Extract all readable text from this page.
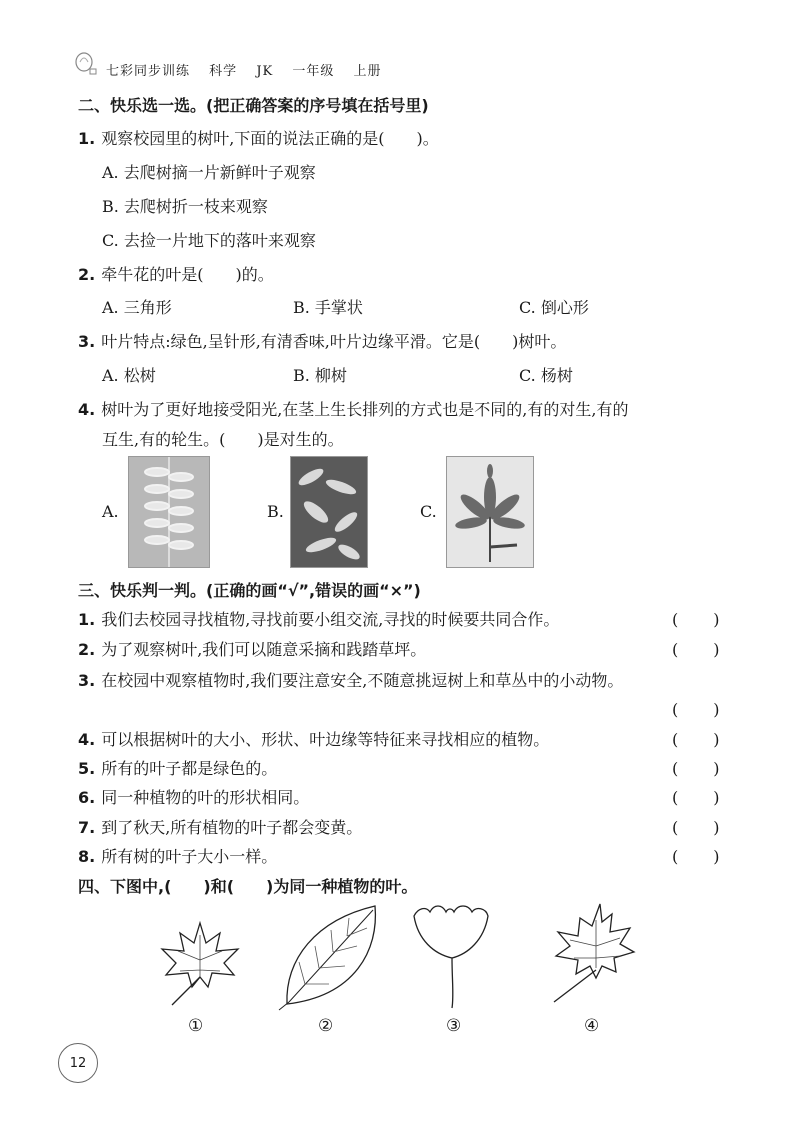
七彩同步训练 科学 JK 一年级 上册
二、快乐选一选。(把正确答案的序号填在括号里)
1. 观察校园里的树叶,下面的说法正确的是(　　)。
A. 去爬树摘一片新鲜叶子观察
B. 去爬树折一枝来观察
C. 去捡一片地下的落叶来观察
2. 牵牛花的叶是(　　)的。
A. 三角形	B. 手掌状	C. 倒心形
3. 叶片特点:绿色,呈针形,有清香味,叶片边缘平滑。它是(　　)树叶。
A. 松树	B. 柳树	C. 杨树
4. 树叶为了更好地接受阳光,在茎上生长排列的方式也是不同的,有的对生,有的
互生,有的轮生。(　　)是对生的。
A.	B.	C.
三、快乐判一判。(正确的画“√”,错误的画“×”)
1. 我们去校园寻找植物,寻找前要小组交流,寻找的时候要共同合作。	(　　)
2. 为了观察树叶,我们可以随意采摘和践踏草坪。	(　　)
3. 在校园中观察植物时,我们要注意安全,不随意挑逗树上和草丛中的小动物。
(　　)
4. 可以根据树叶的大小、形状、叶边缘等特征来寻找相应的植物。	(　　)
5. 所有的叶子都是绿色的。	(　　)
6. 同一种植物的叶的形状相同。	(　　)
7. 到了秋天,所有植物的叶子都会变黄。	(　　)
8. 所有树的叶子大小一样。	(　　)
四、下图中,(　　)和(　　)为同一种植物的叶。
①	②	③	④
12
